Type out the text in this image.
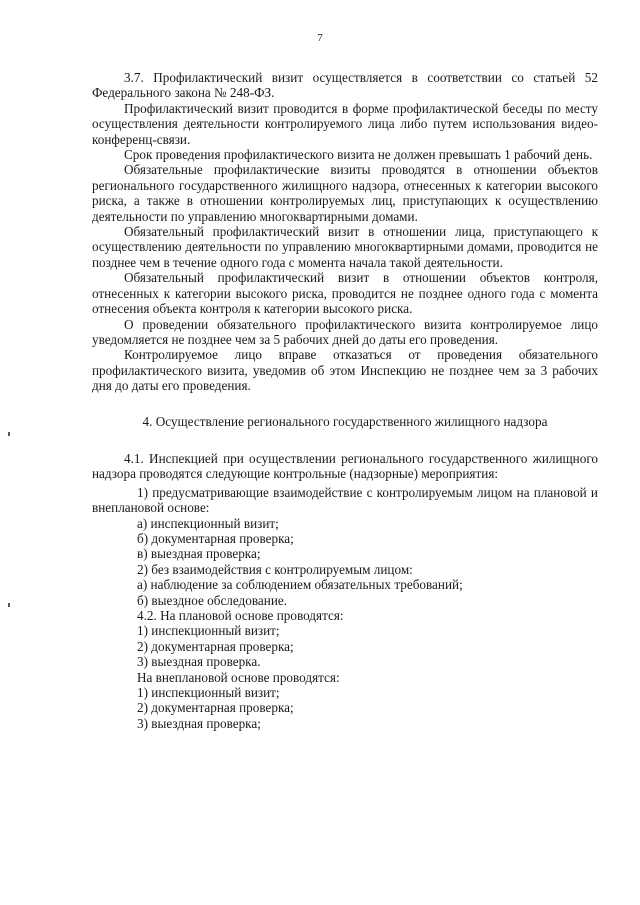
7

3.7. Профилактический визит осуществляется в соответствии со статьей 52 Федерального закона № 248-ФЗ.

Профилактический визит проводится в форме профилактической беседы по месту осуществления деятельности контролируемого лица либо путем использования видео-конференц-связи.

Срок проведения профилактического визита не должен превышать 1 рабочий день.

Обязательные профилактические визиты проводятся в отношении объектов регионального государственного жилищного надзора, отнесенных к категории высокого риска, а также в отношении контролируемых лиц, приступающих к осуществлению деятельности по управлению многоквартирными домами.

Обязательный профилактический визит в отношении лица, приступающего к осуществлению деятельности по управлению многоквартирными домами, проводится не позднее чем в течение одного года с момента начала такой деятельности.

Обязательный профилактический визит в отношении объектов контроля, отнесенных к категории высокого риска, проводится не позднее одного года с момента отнесения объекта контроля к категории высокого риска.

О проведении обязательного профилактического визита контролируемое лицо уведомляется не позднее чем за 5 рабочих дней до даты его проведения.

Контролируемое лицо вправе отказаться от проведения обязательного профилактического визита, уведомив об этом Инспекцию не позднее чем за 3 рабочих дня до даты его проведения.

4. Осуществление регионального государственного жилищного надзора

4.1. Инспекцией при осуществлении регионального государственного жилищного надзора проводятся следующие контрольные (надзорные) мероприятия:

1) предусматривающие взаимодействие с контролируемым лицом на плановой и внеплановой основе:

а) инспекционный визит;

б) документарная проверка;

в) выездная проверка;

2) без взаимодействия с контролируемым лицом:

а) наблюдение за соблюдением обязательных требований;

б) выездное обследование.

4.2. На плановой основе проводятся:

1) инспекционный визит;

2) документарная проверка;

3) выездная проверка.

На внеплановой основе проводятся:

1) инспекционный визит;

2) документарная проверка;

3) выездная проверка;
